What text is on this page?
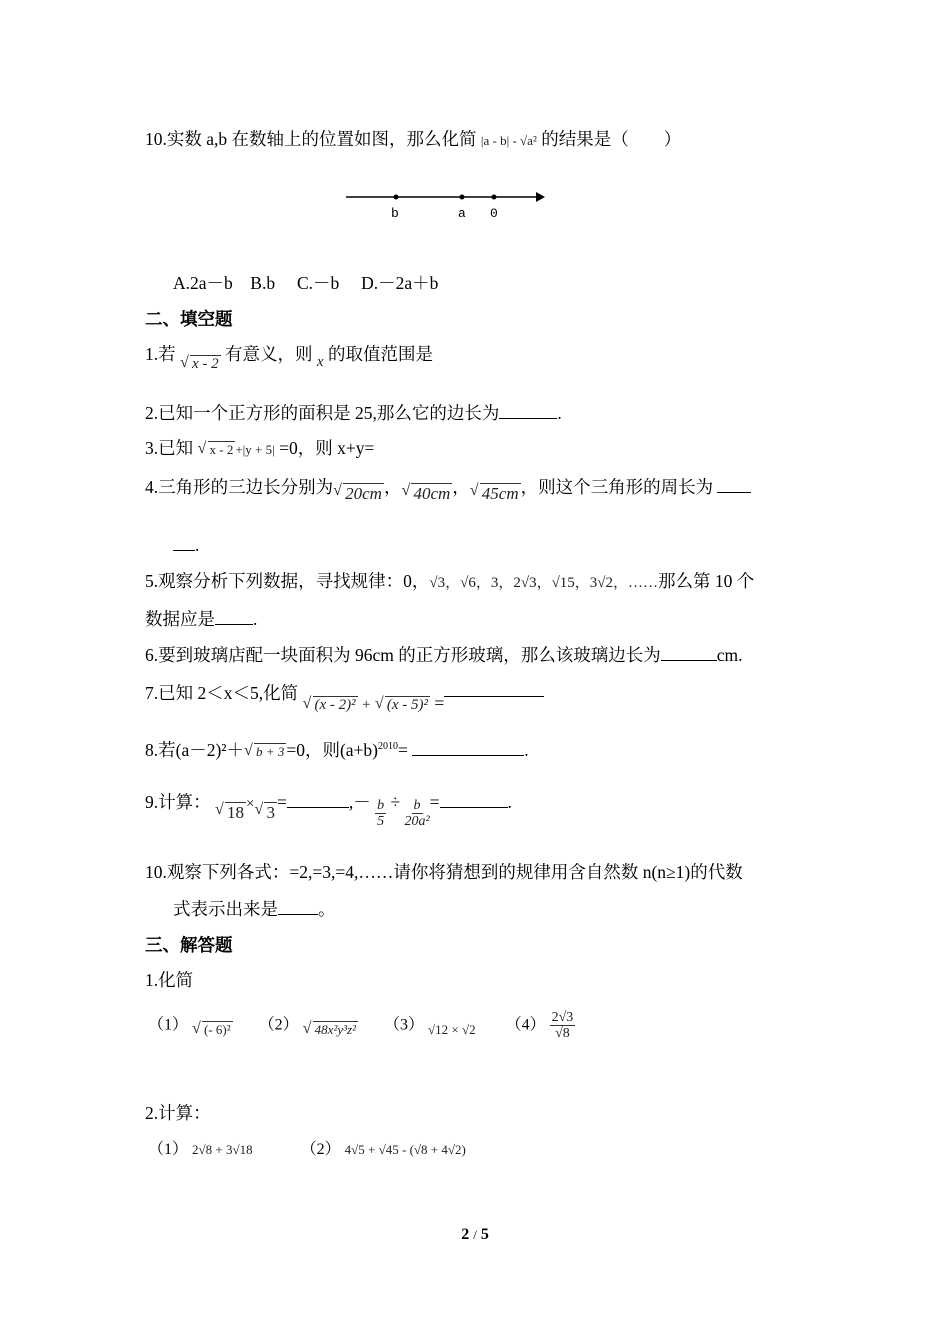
10.实数 a,b 在数轴上的位置如图，那么化简 |a - b| - √a² 的结果是（　　）
b	a 0
A.2a－b　B.b　 C.－b　 D.－2a＋b
二、填空题
1.若 √ x - 2 有意义，则 x 的取值范围是
2.已知一个正方形的面积是 25,那么它的边长为	.
3.已知 √ x - 2 +|y + 5| =0，则 x+y=
4.三角形的三边长分别为 √ 20cm ， √ 40cm ， √ 45cm ，则这个三角形的周长为
.
5.观察分析下列数据，寻找规律：0，√3，√6，3，2√3，√15，3√2，……那么第 10 个
数据应是 .
6.要到玻璃店配一块面积为 96cm 的正方形玻璃，那么该玻璃边长为	cm.
7.已知 2＜x＜5,化简
√ (x - 2)² + √ (x - 5)² =
8.若(a－2)²＋ √ b + 3 =0，则$(a+b)^{2010}=$	.
9.计算： √ 18 × √ 3=	,－ $\frac{b}{5} \div \frac{b}{\text{20a²}}$ =	.
10.观察下列各式：=2,=3,=4,……请你将猜想到的规律用含自然数 n(n≥1)的代数
式表示出来是 。
三、解答题
1.化简
（1） √ (- 6)² （2） √ 48x²y³z² （3） $_{√12 \times √2}$ $(4) \frac{2√3}{√8}$
2.计算：
（1） 2√8 + 3√18	（2） 4√5 + √45 - (√8 + 4√2)
2 / 5
